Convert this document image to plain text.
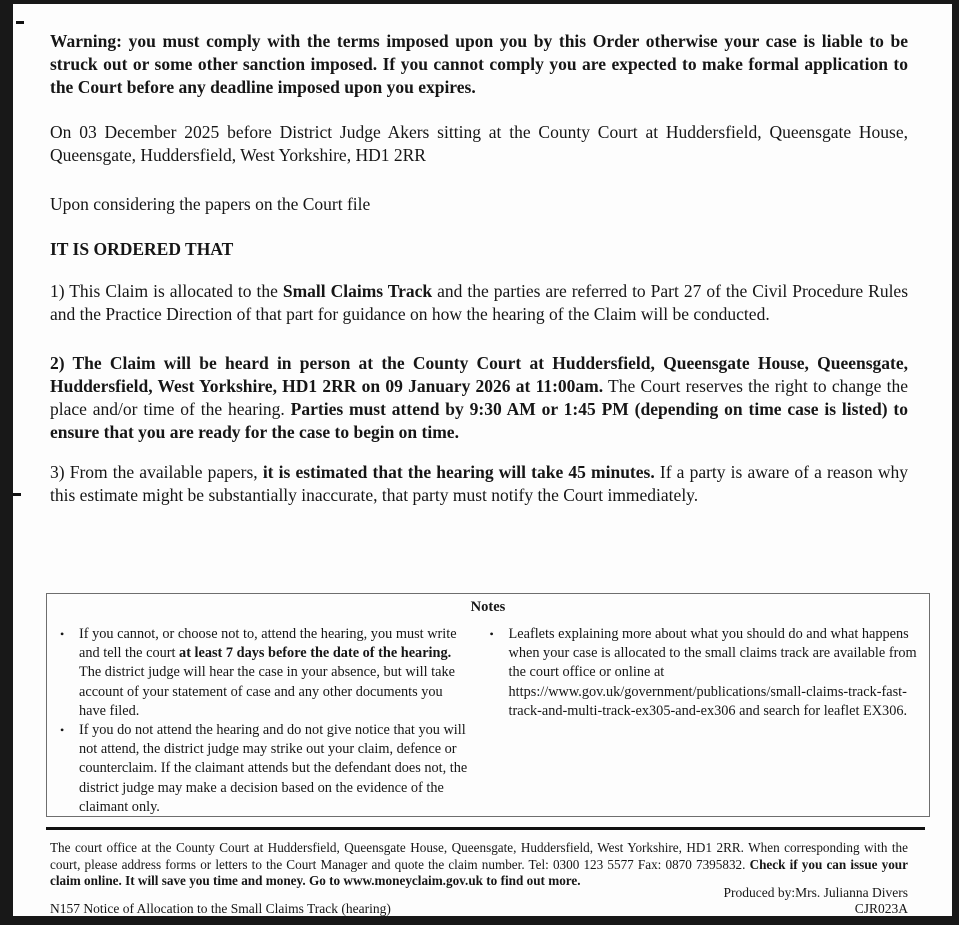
Warning: you must comply with the terms imposed upon you by this Order otherwise your case is liable to be struck out or some other sanction imposed. If you cannot comply you are expected to make formal application to the Court before any deadline imposed upon you expires.
On 03 December 2025 before District Judge Akers sitting at the County Court at Huddersfield, Queensgate House, Queensgate, Huddersfield, West Yorkshire, HD1 2RR
Upon considering the papers on the Court file
IT IS ORDERED THAT
1) This Claim is allocated to the Small Claims Track and the parties are referred to Part 27 of the Civil Procedure Rules and the Practice Direction of that part for guidance on how the hearing of the Claim will be conducted.
2) The Claim will be heard in person at the County Court at Huddersfield, Queensgate House, Queensgate, Huddersfield, West Yorkshire, HD1 2RR on 09 January 2026 at 11:00am. The Court reserves the right to change the place and/or time of the hearing. Parties must attend by 9:30 AM or 1:45 PM (depending on time case is listed) to ensure that you are ready for the case to begin on time.
3) From the available papers, it is estimated that the hearing will take 45 minutes. If a party is aware of a reason why this estimate might be substantially inaccurate, that party must notify the Court immediately.
Notes
•	If you cannot, or choose not to, attend the hearing, you must write and tell the court at least 7 days before the date of the hearing. The district judge will hear the case in your absence, but will take account of your statement of case and any other documents you have filed.
•	If you do not attend the hearing and do not give notice that you will not attend, the district judge may strike out your claim, defence or counterclaim. If the claimant attends but the defendant does not, the district judge may make a decision based on the evidence of the claimant only.
•	Leaflets explaining more about what you should do and what happens when your case is allocated to the small claims track are available from the court office or online at https://www.gov.uk/government/publications/small-claims-track-fast-track-and-multi-track-ex305-and-ex306 and search for leaflet EX306.
The court office at the County Court at Huddersfield, Queensgate House, Queensgate, Huddersfield, West Yorkshire, HD1 2RR. When corresponding with the court, please address forms or letters to the Court Manager and quote the claim number. Tel: 0300 123 5577 Fax: 0870 7395832. Check if you can issue your claim online. It will save you time and money. Go to www.moneyclaim.gov.uk to find out more.
Produced by:Mrs. Julianna Divers
N157 Notice of Allocation to the Small Claims Track (hearing)	CJR023A
